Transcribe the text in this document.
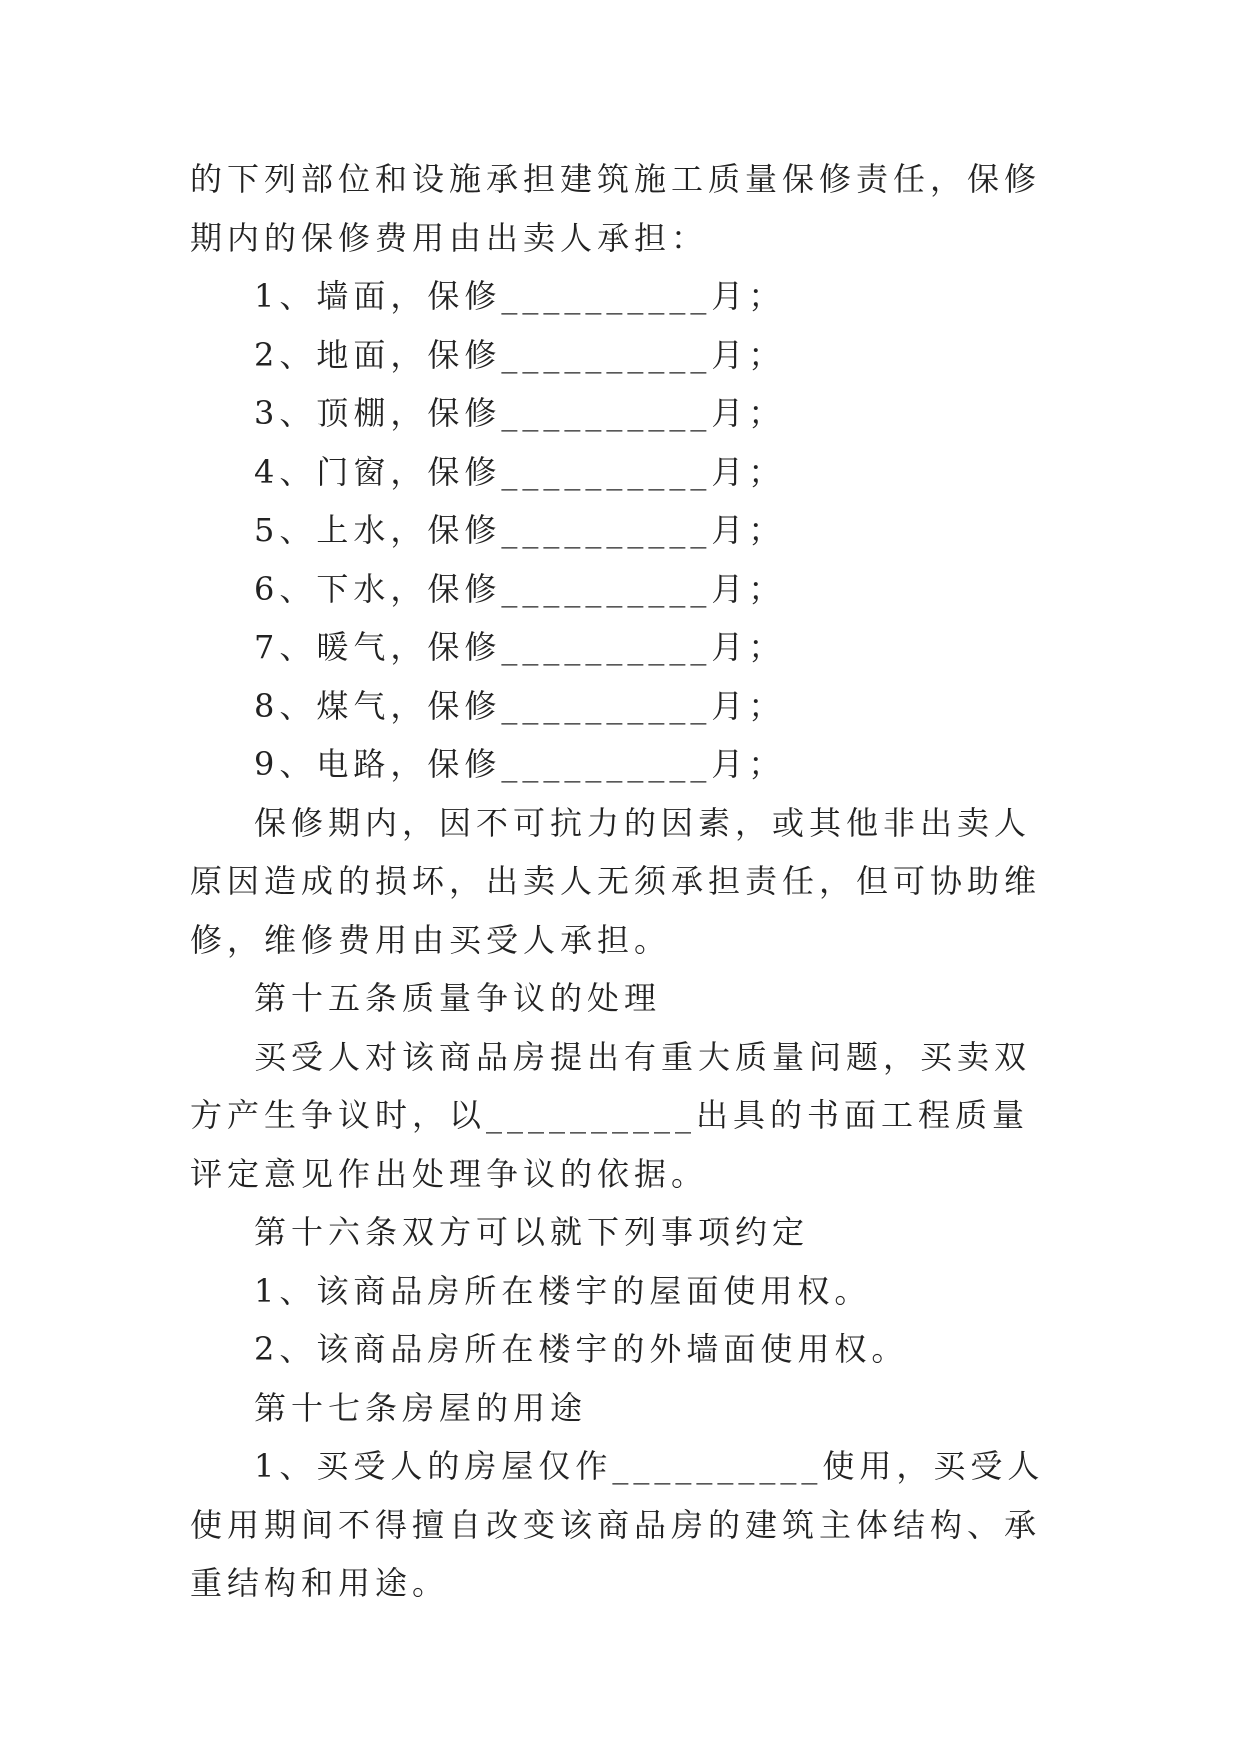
的下列部位和设施承担建筑施工质量保修责任，保修期内的保修费用由出卖人承担：

1、墙面，保修__________月；

2、地面，保修__________月；

3、顶棚，保修__________月；

4、门窗，保修__________月；

5、上水，保修__________月；

6、下水，保修__________月；

7、暖气，保修__________月；

8、煤气，保修__________月；

9、电路，保修__________月；

保修期内，因不可抗力的因素，或其他非出卖人原因造成的损坏，出卖人无须承担责任，但可协助维修，维修费用由买受人承担。

第十五条质量争议的处理

买受人对该商品房提出有重大质量问题，买卖双方产生争议时，以__________出具的书面工程质量评定意见作出处理争议的依据。

第十六条双方可以就下列事项约定

1、该商品房所在楼宇的屋面使用权。

2、该商品房所在楼宇的外墙面使用权。

第十七条房屋的用途

1、买受人的房屋仅作__________使用，买受人使用期间不得擅自改变该商品房的建筑主体结构、承重结构和用途。
